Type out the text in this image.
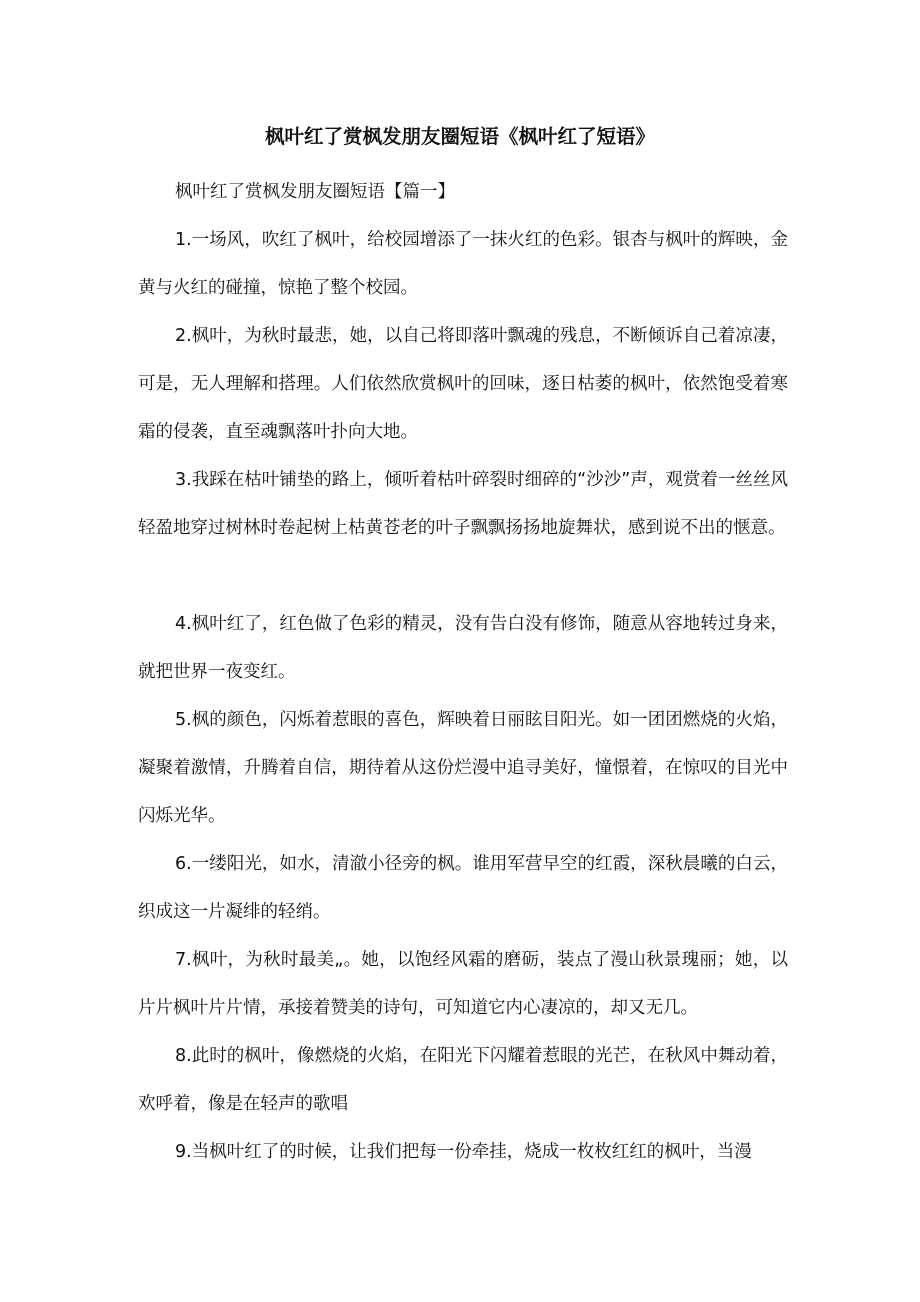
枫叶红了赏枫发朋友圈短语《枫叶红了短语》

枫叶红了赏枫发朋友圈短语【篇一】

1.一场风，吹红了枫叶，给校园增添了一抹火红的色彩。银杏与枫叶的辉映，金黄与火红的碰撞，惊艳了整个校园。

2.枫叶，为秋时最悲，她，以自己将即落叶飘魂的残息，不断倾诉自己着凉凄，可是，无人理解和搭理。人们依然欣赏枫叶的回味，逐日枯萎的枫叶，依然饱受着寒霜的侵袭，直至魂飘落叶扑向大地。

3.我踩在枯叶铺垫的路上，倾听着枯叶碎裂时细碎的“沙沙”声，观赏着一丝丝风轻盈地穿过树林时卷起树上枯黄苍老的叶子飘飘扬扬地旋舞状，感到说不出的惬意。

4.枫叶红了，红色做了色彩的精灵，没有告白没有修饰，随意从容地转过身来，就把世界一夜变红。

5.枫的颜色，闪烁着惹眼的喜色，辉映着日丽眩目阳光。如一团团燃烧的火焰，凝聚着激情，升腾着自信，期待着从这份烂漫中追寻美好，憧憬着，在惊叹的目光中闪烁光华。

6.一缕阳光，如水，清澈小径旁的枫。谁用军营早空的红霞，深秋晨曦的白云，织成这一片凝绯的轻绡。

7.枫叶，为秋时最美„。她，以饱经风霜的磨砺，装点了漫山秋景瑰丽；她，以片片枫叶片片情，承接着赞美的诗句，可知道它内心凄凉的，却又无几。

8.此时的枫叶，像燃烧的火焰，在阳光下闪耀着惹眼的光芒，在秋风中舞动着，欢呼着，像是在轻声的歌唱

9.当枫叶红了的时候，让我们把每一份牵挂，烧成一枚枚红红的枫叶，当漫
